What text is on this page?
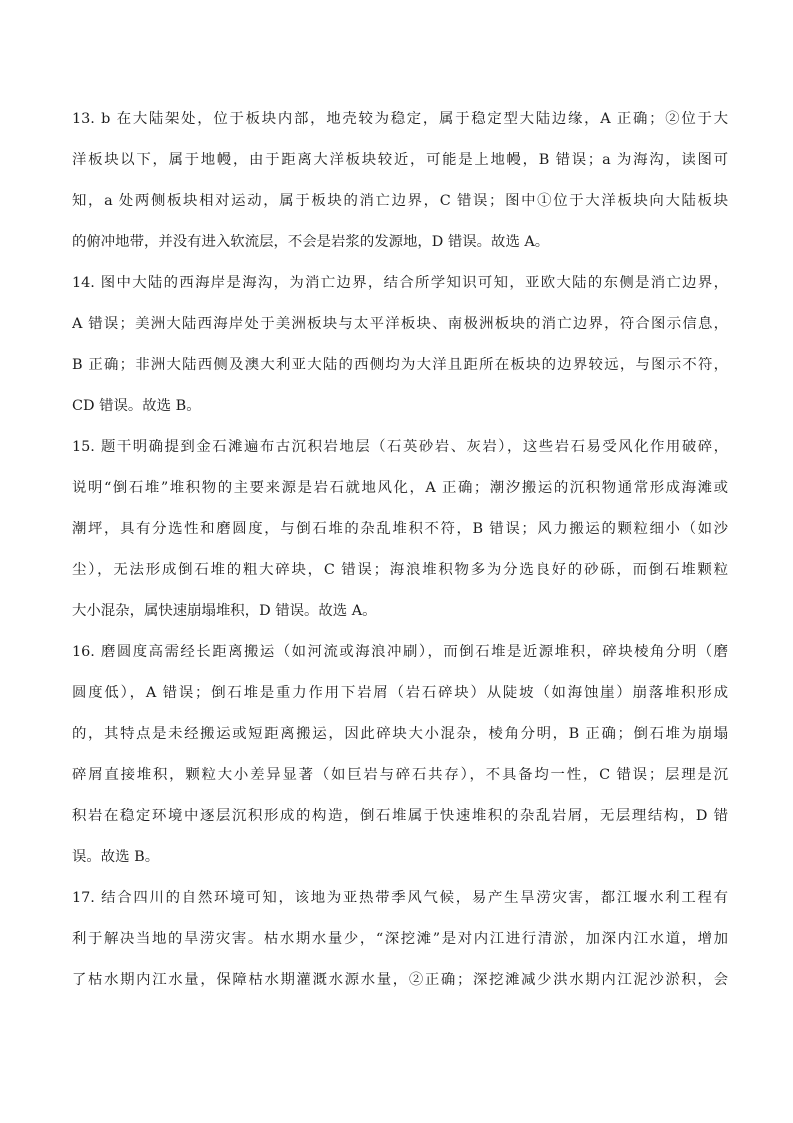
13. b 在大陆架处，位于板块内部，地壳较为稳定，属于稳定型大陆边缘，A 正确；②位于大
洋板块以下，属于地幔，由于距离大洋板块较近，可能是上地幔，B 错误；a 为海沟，读图可
知，a 处两侧板块相对运动，属于板块的消亡边界，C 错误；图中①位于大洋板块向大陆板块
的俯冲地带，并没有进入软流层，不会是岩浆的发源地，D 错误。故选 A。
14. 图中大陆的西海岸是海沟，为消亡边界，结合所学知识可知，亚欧大陆的东侧是消亡边界，
A 错误；美洲大陆西海岸处于美洲板块与太平洋板块、南极洲板块的消亡边界，符合图示信息，
B 正确；非洲大陆西侧及澳大利亚大陆的西侧均为大洋且距所在板块的边界较远，与图示不符，
CD 错误。故选 B。
15. 题干明确提到金石滩遍布古沉积岩地层（石英砂岩、灰岩），这些岩石易受风化作用破碎，
说明“倒石堆”堆积物的主要来源是岩石就地风化，A 正确；潮汐搬运的沉积物通常形成海滩或
潮坪，具有分选性和磨圆度，与倒石堆的杂乱堆积不符，B 错误；风力搬运的颗粒细小（如沙
尘），无法形成倒石堆的粗大碎块，C 错误；海浪堆积物多为分选良好的砂砾，而倒石堆颗粒
大小混杂，属快速崩塌堆积，D 错误。故选 A。
16. 磨圆度高需经长距离搬运（如河流或海浪冲刷），而倒石堆是近源堆积，碎块棱角分明（磨
圆度低），A 错误；倒石堆是重力作用下岩屑（岩石碎块）从陡坡（如海蚀崖）崩落堆积形成
的，其特点是未经搬运或短距离搬运，因此碎块大小混杂，棱角分明，B 正确；倒石堆为崩塌
碎屑直接堆积，颗粒大小差异显著（如巨岩与碎石共存），不具备均一性，C 错误；层理是沉
积岩在稳定环境中逐层沉积形成的构造，倒石堆属于快速堆积的杂乱岩屑，无层理结构，D 错
误。故选 B。
17. 结合四川的自然环境可知，该地为亚热带季风气候，易产生旱涝灾害，都江堰水利工程有
利于解决当地的旱涝灾害。枯水期水量少，“深挖滩”是对内江进行清淤，加深内江水道，增加
了枯水期内江水量，保障枯水期灌溉水源水量，②正确；深挖滩减少洪水期内江泥沙淤积，会
